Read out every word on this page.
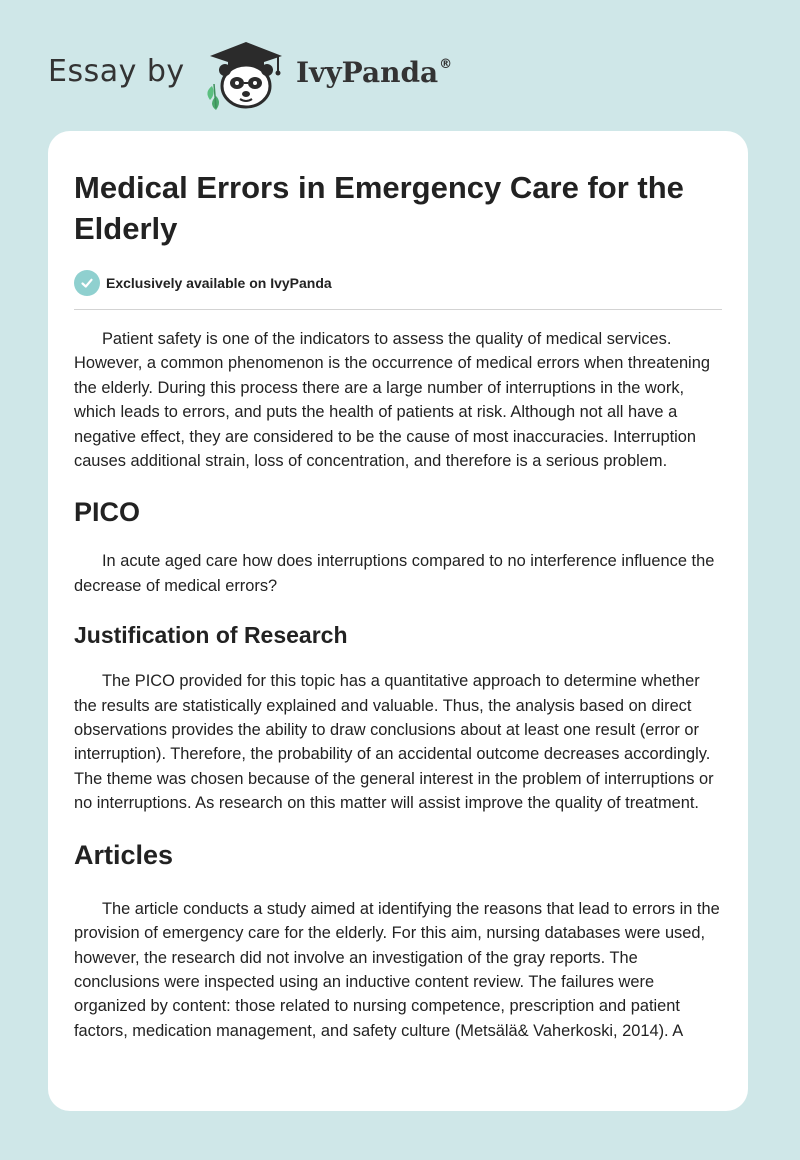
Essay by	IvyPanda®
Medical Errors in Emergency Care for the Elderly
Exclusively available on IvyPanda

Patient safety is one of the indicators to assess the quality of medical services. However, a common phenomenon is the occurrence of medical errors when threatening the elderly. During this process there are a large number of interruptions in the work, which leads to errors, and puts the health of patients at risk. Although not all have a negative effect, they are considered to be the cause of most inaccuracies. Interruption causes additional strain, loss of concentration, and therefore is a serious problem.

PICO

In acute aged care how does interruptions compared to no interference influence the decrease of medical errors?

Justification of Research

The PICO provided for this topic has a quantitative approach to determine whether the results are statistically explained and valuable. Thus, the analysis based on direct observations provides the ability to draw conclusions about at least one result (error or interruption). Therefore, the probability of an accidental outcome decreases accordingly. The theme was chosen because of the general interest in the problem of interruptions or no interruptions. As research on this matter will assist improve the quality of treatment.

Articles

The article conducts a study aimed at identifying the reasons that lead to errors in the provision of emergency care for the elderly. For this aim, nursing databases were used, however, the research did not involve an investigation of the gray reports. The conclusions were inspected using an inductive content review. The failures were organized by content: those related to nursing competence, prescription and patient factors, medication management, and safety culture (Metsälä& Vaherkoski, 2014). A
